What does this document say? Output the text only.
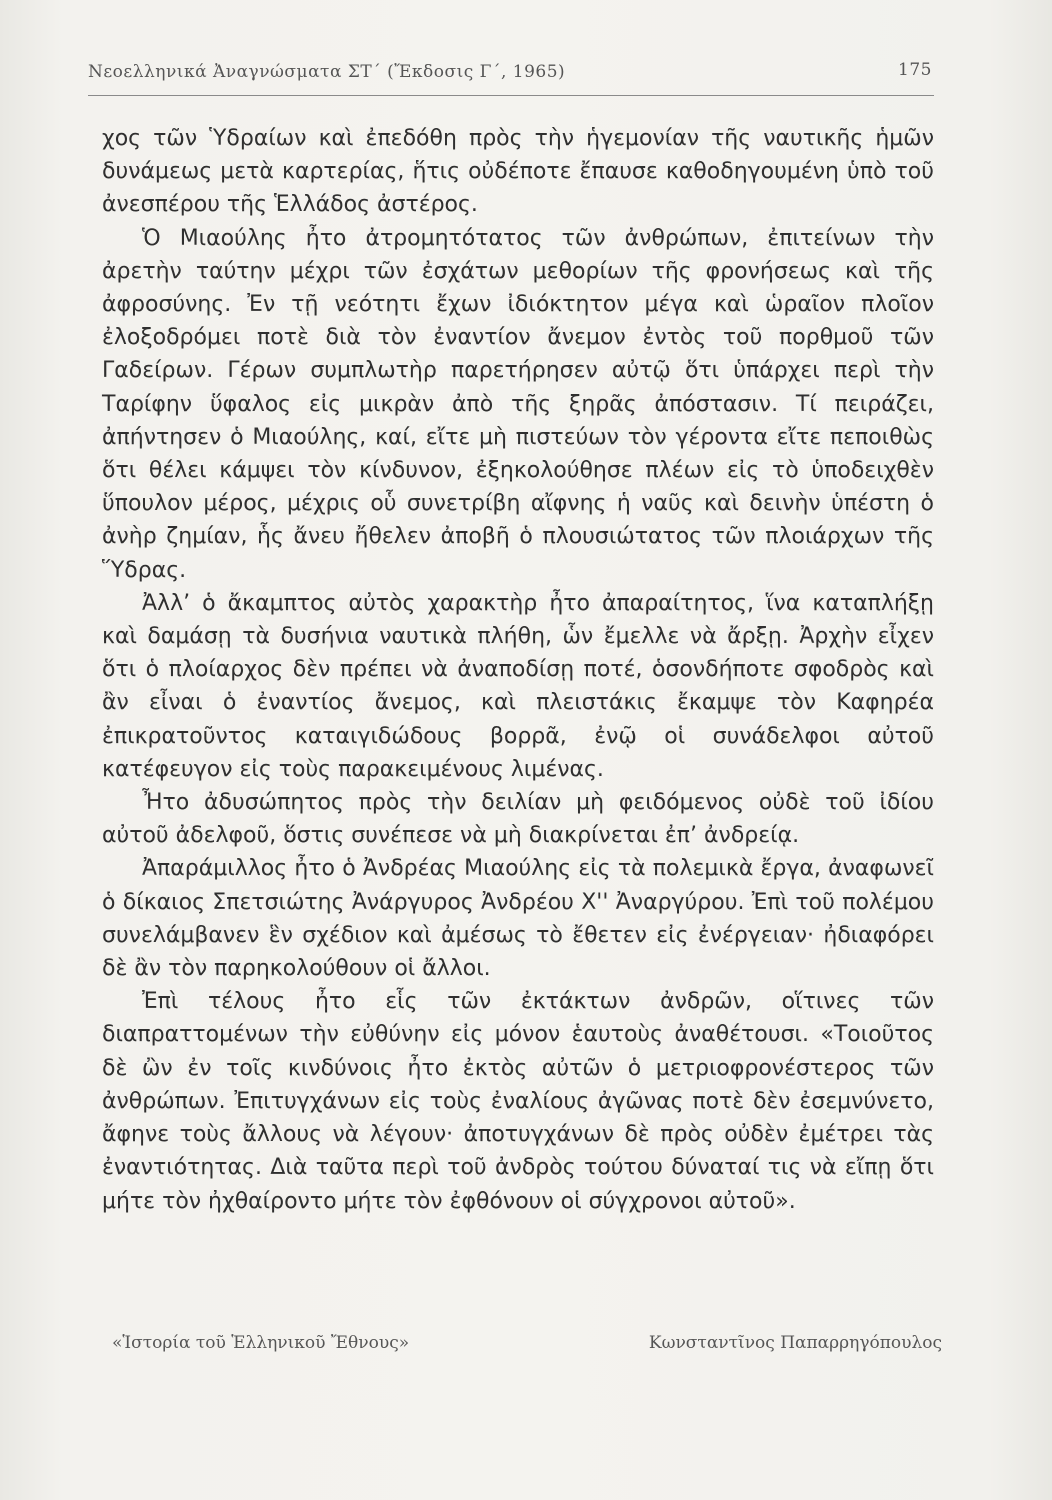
Νεοελληνικά Ἀναγνώσματα ΣΤ΄ (Ἔκδοσις Γ΄, 1965)	175

χος τῶν Ὑδραίων καὶ ἐπεδόθη πρὸς τὴν ἡγεμονίαν τῆς ναυτικῆς ἡμῶν δυνάμεως μετὰ καρτερίας, ἥτις οὐδέποτε ἔπαυσε καθοδηγουμένη ὑπὸ τοῦ ἀνεσπέρου τῆς Ἑλλάδος ἀστέρος.

Ὁ Μιαούλης ἦτο ἀτρομητότατος τῶν ἀνθρώπων, ἐπιτείνων τὴν ἀρετὴν ταύτην μέχρι τῶν ἐσχάτων μεθορίων τῆς φρονήσεως καὶ τῆς ἀφροσύνης. Ἐν τῇ νεότητι ἔχων ἰδιόκτητον μέγα καὶ ὡραῖον πλοῖον ἐλοξοδρόμει ποτὲ διὰ τὸν ἐναντίον ἄνεμον ἐντὸς τοῦ πορθμοῦ τῶν Γαδείρων. Γέρων συμπλωτὴρ παρετήρησεν αὐτῷ ὅτι ὑπάρχει περὶ τὴν Ταρίφην ὕφαλος εἰς μικρὰν ἀπὸ τῆς ξηρᾶς ἀπόστασιν. Τί πειράζει, ἀπήντησεν ὁ Μιαούλης, καί, εἴτε μὴ πιστεύων τὸν γέροντα εἴτε πεποιθὼς ὅτι θέλει κάμψει τὸν κίνδυνον, ἐξηκολούθησε πλέων εἰς τὸ ὑποδειχθὲν ὕπουλον μέρος, μέχρις οὗ συνετρίβη αἴφνης ἡ ναῦς καὶ δεινὴν ὑπέστη ὁ ἀνὴρ ζημίαν, ἧς ἄνευ ἤθελεν ἀποβῆ ὁ πλουσιώτατος τῶν πλοιάρχων τῆς Ὕδρας.

Ἀλλ’ ὁ ἄκαμπτος αὐτὸς χαρακτὴρ ἦτο ἀπαραίτητος, ἵνα καταπλήξῃ καὶ δαμάσῃ τὰ δυσήνια ναυτικὰ πλήθη, ὧν ἔμελλε νὰ ἄρξῃ. Ἀρχὴν εἶχεν ὅτι ὁ πλοίαρχος δὲν πρέπει νὰ ἀναποδίσῃ ποτέ, ὁσονδήποτε σφοδρὸς καὶ ἂν εἶναι ὁ ἐναντίος ἄνεμος, καὶ πλειστάκις ἔκαμψε τὸν Καφηρέα ἐπικρατοῦντος καταιγιδώδους βορρᾶ, ἐνῷ οἱ συνάδελφοι αὐτοῦ κατέφευγον εἰς τοὺς παρακειμένους λιμένας.

Ἦτο ἀδυσώπητος πρὸς τὴν δειλίαν μὴ φειδόμενος οὐδὲ τοῦ ἰδίου αὐτοῦ ἀδελφοῦ, ὅστις συνέπεσε νὰ μὴ διακρίνεται ἐπ’ ἀνδρείᾳ.

Ἀπαράμιλλος ἦτο ὁ Ἀνδρέας Μιαούλης εἰς τὰ πολεμικὰ ἔργα, ἀναφωνεῖ ὁ δίκαιος Σπετσιώτης Ἀνάργυρος Ἀνδρέου Χ'' Ἀναργύρου. Ἐπὶ τοῦ πολέμου συνελάμβανεν ἓν σχέδιον καὶ ἀμέσως τὸ ἔθετεν εἰς ἐνέργειαν· ἠδιαφόρει δὲ ἂν τὸν παρηκολούθουν οἱ ἄλλοι.

Ἐπὶ τέλους ἦτο εἷς τῶν ἐκτάκτων ἀνδρῶν, οἵτινες τῶν διαπραττομένων τὴν εὐθύνην εἰς μόνον ἑαυτοὺς ἀναθέτουσι. «Τοιοῦτος δὲ ὢν ἐν τοῖς κινδύνοις ἦτο ἐκτὸς αὐτῶν ὁ μετριοφρονέστερος τῶν ἀνθρώπων. Ἐπιτυγχάνων εἰς τοὺς ἐναλίους ἀγῶνας ποτὲ δὲν ἐσεμνύνετο, ἄφηνε τοὺς ἄλλους νὰ λέγουν· ἀποτυγχάνων δὲ πρὸς οὐδὲν ἐμέτρει τὰς ἐναντιότητας. Διὰ ταῦτα περὶ τοῦ ἀνδρὸς τούτου δύναταί τις νὰ εἴπῃ ὅτι μήτε τὸν ἠχθαίροντο μήτε τὸν ἐφθόνουν οἱ σύγχρονοι αὐτοῦ».

«Ἱστορία τοῦ Ἑλληνικοῦ Ἔθνους»	Κωνσταντῖνος Παπαρρηγόπουλος
